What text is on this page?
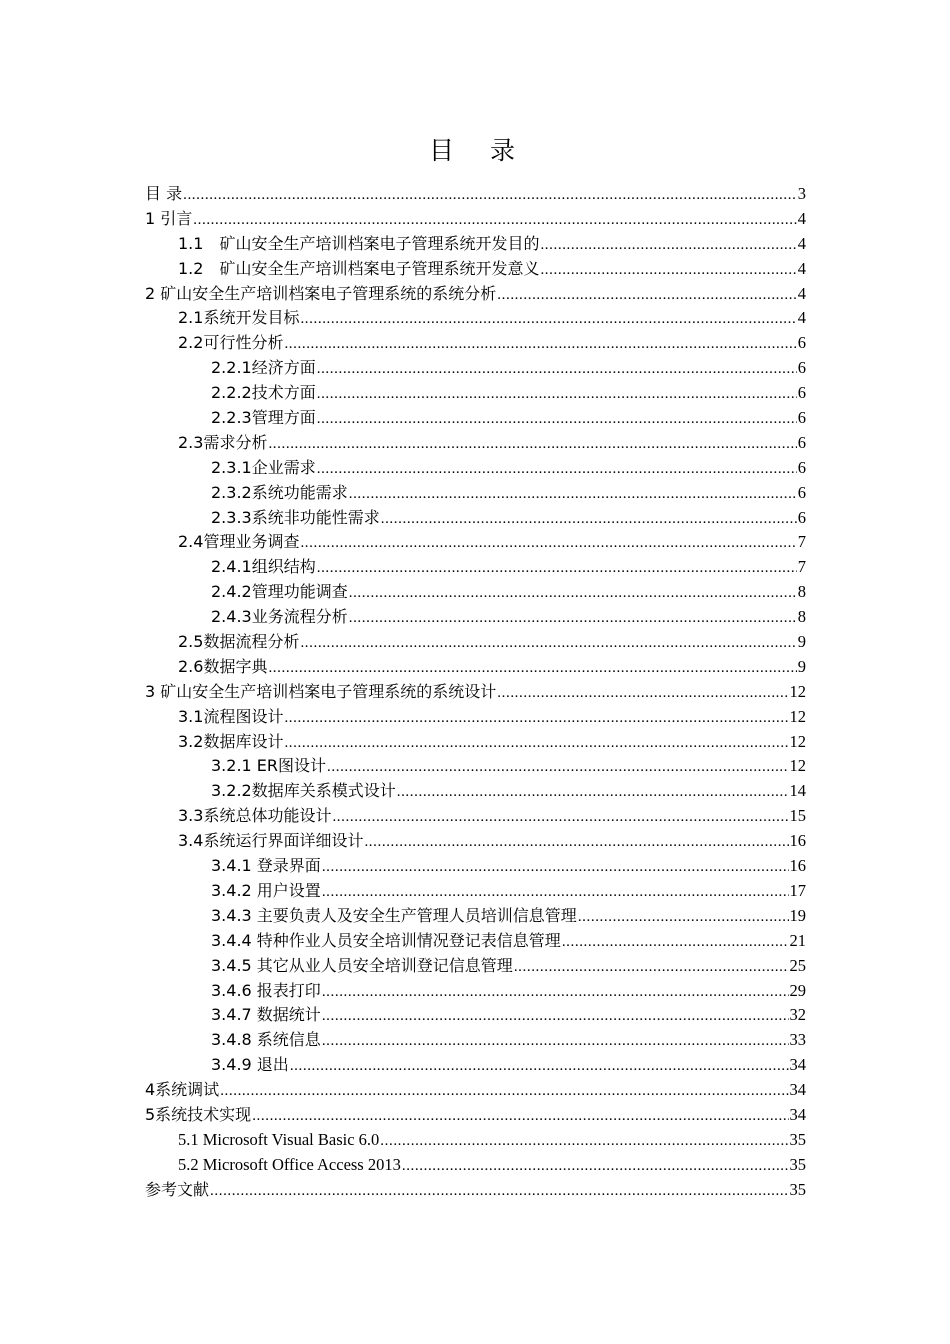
目 录
目 录 .....	3
1 引言 .....	4
1.1　矿山安全生产培训档案电子管理系统开发目的 .....	4
1.2　矿山安全生产培训档案电子管理系统开发意义 .....	4
2 矿山安全生产培训档案电子管理系统的系统分析 .....	4
2.1系统开发目标 .....	4
2.2可行性分析 .....	6
2.2.1经济方面 .....	6
2.2.2技术方面 .....	6
2.2.3管理方面 .....	6
2.3需求分析 .....	6
2.3.1企业需求 .....	6
2.3.2系统功能需求 .....	6
2.3.3系统非功能性需求 .....	6
2.4管理业务调查 .....	7
2.4.1组织结构 .....	7
2.4.2管理功能调查 .....	8
2.4.3业务流程分析 .....	8
2.5数据流程分析 .....	9
2.6数据字典 .....	9
3 矿山安全生产培训档案电子管理系统的系统设计 .....	12
3.1流程图设计 .....	12
3.2数据库设计 .....	12
3.2.1 ER图设计 .....	12
3.2.2数据库关系模式设计 .....	14
3.3系统总体功能设计 .....	15
3.4系统运行界面详细设计 .....	16
3.4.1 登录界面 .....	16
3.4.2 用户设置 .....	17
3.4.3 主要负责人及安全生产管理人员培训信息管理 .....	19
3.4.4 特种作业人员安全培训情况登记表信息管理 .....	21
3.4.5 其它从业人员安全培训登记信息管理 .....	25
3.4.6 报表打印 .....	29
3.4.7 数据统计 .....	32
3.4.8 系统信息 .....	33
3.4.9 退出 .....	34
4系统调试 .....	34
5系统技术实现 .....	34
5.1 Microsoft Visual Basic 6.0 .....	35
5.2 Microsoft Office Access 2013 .....	35
参考文献 .....	35
